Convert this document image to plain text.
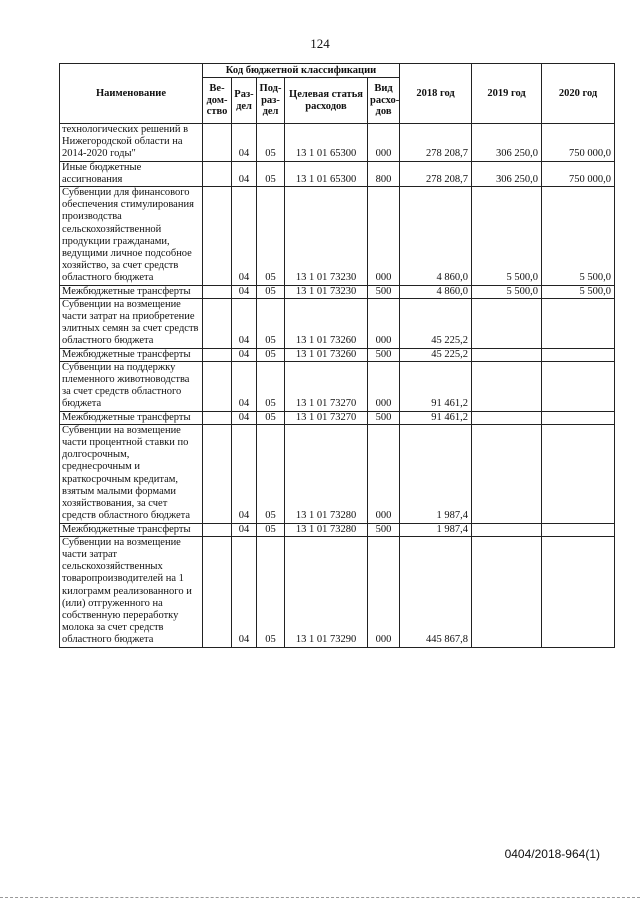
124
Наименование	Код бюджетной классификации					2018 год	2019 год	2020 год
	Ве-дом-ство	Раз-дел	Под-раз-дел	Целевая статья расходов	Вид расхо-дов			
технологических решений в Нижегородской области на 2014-2020 годы"		04	05	13 1 01 65300	000	278 208,7	306 250,0	750 000,0
Иные бюджетные ассигнования		04	05	13 1 01 65300	800	278 208,7	306 250,0	750 000,0
Субвенции для финансового обеспечения стимулирования производства сельскохозяйственной продукции гражданами, ведущими личное подсобное хозяйство, за счет средств областного бюджета		04	05	13 1 01 73230	000	4 860,0	5 500,0	5 500,0
Межбюджетные трансферты		04	05	13 1 01 73230	500	4 860,0	5 500,0	5 500,0
Субвенции на возмещение части затрат на приобретение элитных семян за счет средств областного бюджета		04	05	13 1 01 73260	000	45 225,2		
Межбюджетные трансферты		04	05	13 1 01 73260	500	45 225,2		
Субвенции на поддержку племенного животноводства за счет средств областного бюджета		04	05	13 1 01 73270	000	91 461,2		
Межбюджетные трансферты		04	05	13 1 01 73270	500	91 461,2		
Субвенции на возмещение части процентной ставки по долгосрочным, среднесрочным и краткосрочным кредитам, взятым малыми формами хозяйствования, за счет средств областного бюджета		04	05	13 1 01 73280	000	1 987,4		
Межбюджетные трансферты		04	05	13 1 01 73280	500	1 987,4		
Субвенции на возмещение части затрат сельскохозяйственных товаропроизводителей на 1 килограмм реализованного и (или) отгруженного на собственную переработку молока за счет средств областного бюджета		04	05	13 1 01 73290	000	445 867,8		
0404/2018-964(1)
